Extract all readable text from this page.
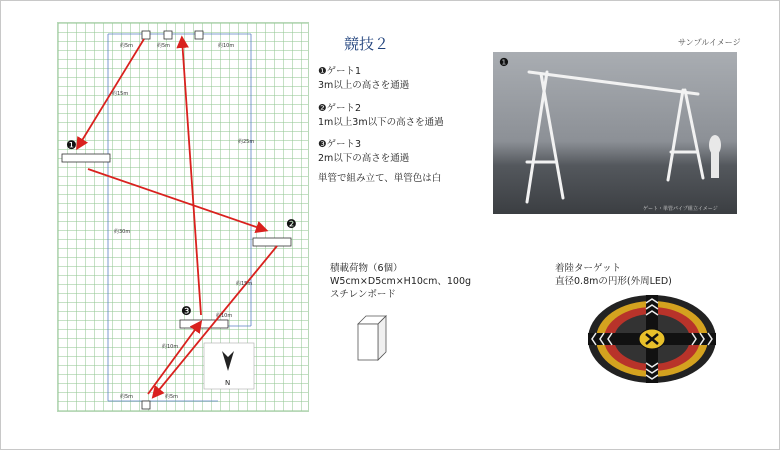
約5m	約5m	約10m
約15m
約25m
約30m
約15m
約10m
約10m
約5m	約5m
❶
❷
❸
N
競技２
❶ゲート1
3m以上の高さを通過
❷ゲート2
1m以上3m以下の高さを通過
❸ゲート3
2m以下の高さを通過
単管で組み立て、単管色は白
サンプルイメージ
❶
ゲート・単管パイプ組立イメージ
積載荷物（6個）
W5cm×D5cm×H10cm、100g
スチレンボード
着陸ターゲット
直径0.8mの円形(外周LED)
